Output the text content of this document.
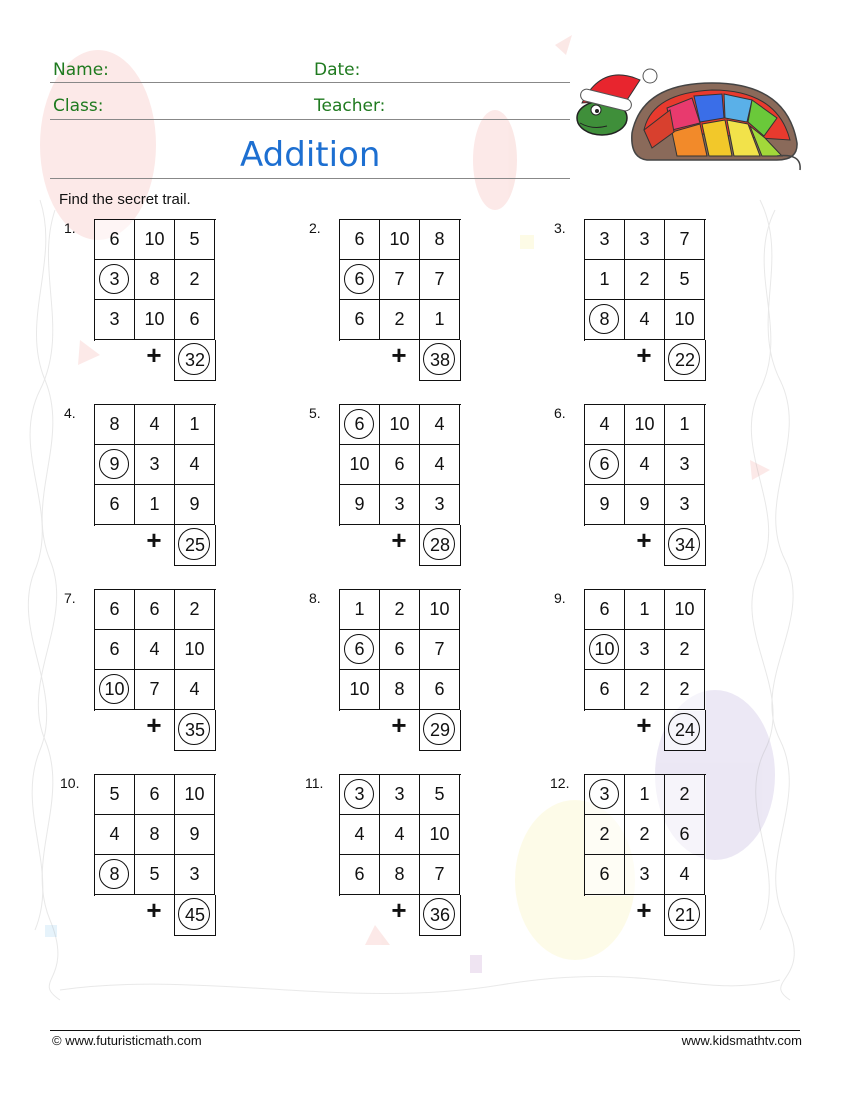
Name:	Date:
Class:	Teacher:
Addition
Find the secret trail.
1.
6	10	5
3	8	2
3	10	6
+	32
2.
6	10	8
6	7	7
6	2	1
+	38
3.
3	3	7
1	2	5
8	4	10
+	22
4.
8	4	1
9	3	4
6	1	9
+	25
5.
6	10	4
10	6	4
9	3	3
+	28
6.
4	10	1
6	4	3
9	9	3
+	34
7.
6	6	2
6	4	10
10	7	4
+	35
8.
1	2	10
6	6	7
10	8	6
+	29
9.
6	1	10
10	3	2
6	2	2
+	24
10.
5	6	10
4	8	9
8	5	3
+	45
11.
3	3	5
4	4	10
6	8	7
+	36
12.
3	1	2
2	2	6
6	3	4
+	21
© www.futuristicmath.com	www.kidsmathtv.com
